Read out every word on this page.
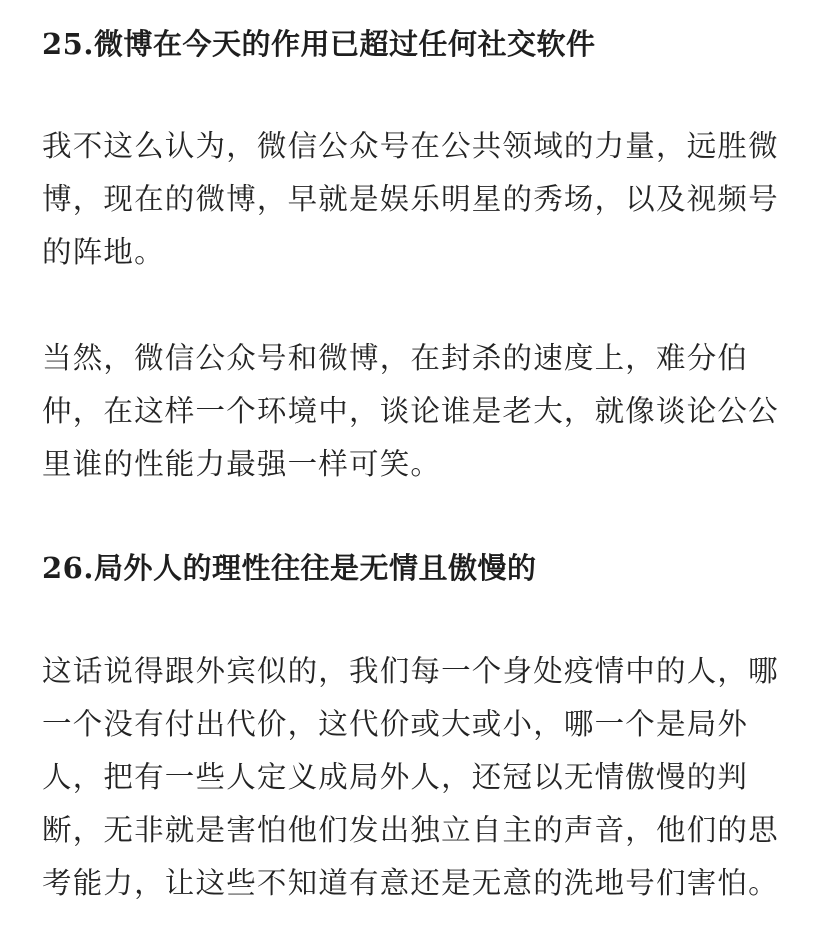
25.微博在今天的作用已超过任何社交软件

我不这么认为，微信公众号在公共领域的力量，远胜微
博，现在的微博，早就是娱乐明星的秀场，以及视频号
的阵地。

当然，微信公众号和微博，在封杀的速度上，难分伯
仲，在这样一个环境中，谈论谁是老大，就像谈论公公
里谁的性能力最强一样可笑。

26.局外人的理性往往是无情且傲慢的

这话说得跟外宾似的，我们每一个身处疫情中的人，哪
一个没有付出代价，这代价或大或小，哪一个是局外
人，把有一些人定义成局外人，还冠以无情傲慢的判
断，无非就是害怕他们发出独立自主的声音，他们的思
考能力，让这些不知道有意还是无意的洗地号们害怕。
